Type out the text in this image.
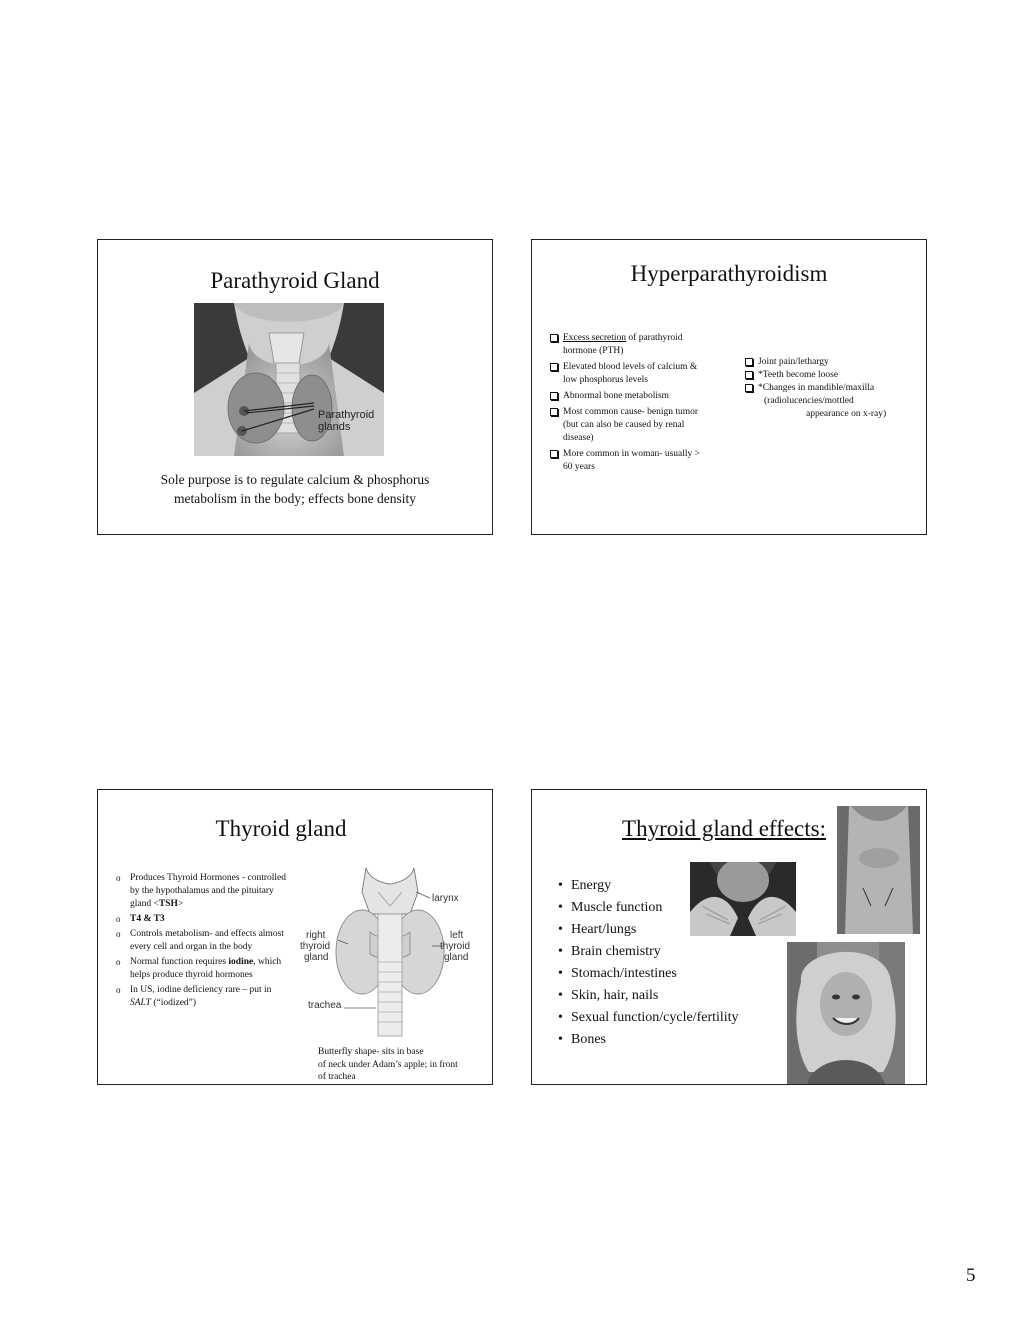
Parathyroid Gland
Parathyroid
glands
Sole purpose is to regulate calcium & phosphorus
metabolism in the body; effects bone density
Hyperparathyroidism
Excess secretion of parathyroid hormone (PTH)
Elevated blood levels of calcium & low phosphorus levels
Abnormal bone metabolism
Most common cause- benign tumor (but can also be caused by renal disease)
More common in woman- usually > 60 years
Joint pain/lethargy
*Teeth become loose
*Changes in mandible/maxilla
(radiolucencies/mottled

appearance on x-ray)
Thyroid gland
o Produces Thyroid Hormones - controlled by the hypothalamus and the pituitary gland <TSH>
o T4 & T3
o Controls metabolism- and effects almost every cell and organ in the body
o Normal function requires iodine, which helps produce thyroid hormones
o In US, iodine deficiency rare – put in SALT (“iodized”)
larynx
right
thyroid
gland
left
thyroid
gland
trachea
Butterfly shape- sits in base
of neck under Adam’s apple; in front
of trachea
Thyroid gland effects:
• Energy
• Muscle function
• Heart/lungs
• Brain chemistry
• Stomach/intestines
• Skin, hair, nails
• Sexual function/cycle/fertility
• Bones
5
